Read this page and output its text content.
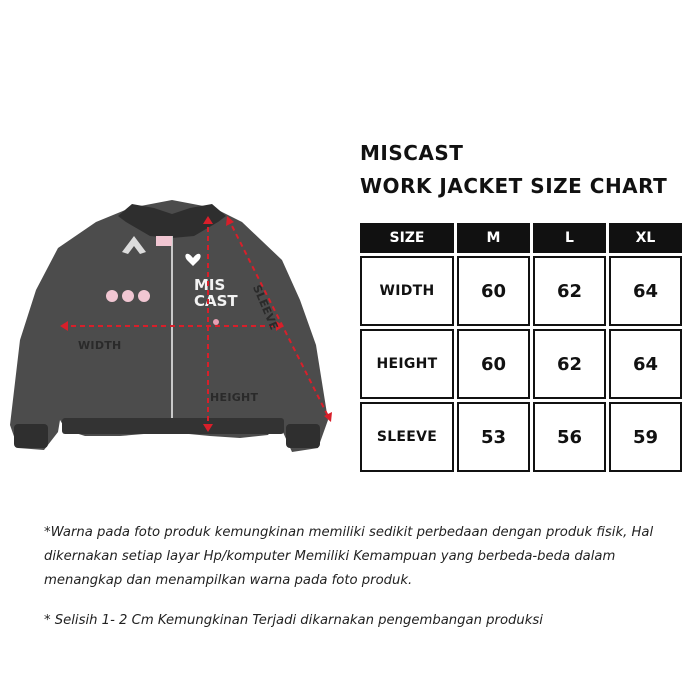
MIS
CAST
WIDTH
HEIGHT
SLEEVE
MISCAST
WORK JACKET SIZE CHART
SIZE	M	L	XL
WIDTH	60	62	64
HEIGHT	60	62	64
SLEEVE	53	56	59

*Warna pada foto produk kemungkinan memiliki sedikit perbedaan dengan produk fisik, Hal dikernakan setiap layar Hp/komputer Memiliki Kemampuan yang berbeda-beda dalam menangkap dan menampilkan warna pada foto produk.

* Selisih 1- 2 Cm Kemungkinan Terjadi dikarnakan pengembangan produksi
